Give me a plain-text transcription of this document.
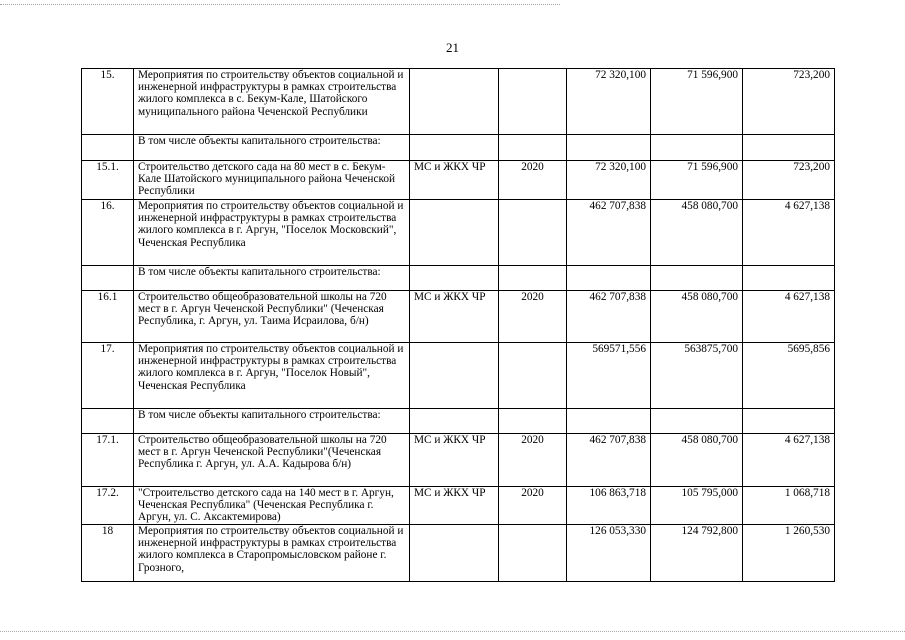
21
15.	Мероприятия по строительству объектов социальной и инженерной инфраструктуры в рамках строительства жилого комплекса в с. Бекум-Кале, Шатойского муниципального района Чеченской Республики			72 320,100	71 596,900	723,200
	В том числе объекты капитального строительства:					
15.1.	Строительство детского сада на 80 мест в с. Бекум-Кале Шатойского муниципального района Чеченской Республики	МС и ЖКХ ЧР	2020	72 320,100	71 596,900	723,200
16.	Мероприятия по строительству объектов социальной и инженерной инфраструктуры в рамках строительства жилого комплекса в г. Аргун, "Поселок Московский", Чеченская Республика			462 707,838	458 080,700	4 627,138
	В том числе объекты капитального строительства:					
16.1	Строительство общеобразовательной школы на 720 мест в г. Аргун Чеченской Республики" (Чеченская Республика, г. Аргун, ул. Таима Исраилова, б/н)	МС и ЖКХ ЧР	2020	462 707,838	458 080,700	4 627,138
17.	Мероприятия по строительству объектов социальной и инженерной инфраструктуры в рамках строительства жилого комплекса в г. Аргун, "Поселок Новый", Чеченская Республика			569571,556	563875,700	5695,856
	В том числе объекты капитального строительства:					
17.1.	Строительство общеобразовательной школы на 720 мест в г. Аргун Чеченской Республики"(Чеченская Республика г. Аргун, ул. А.А. Кадырова б/н)	МС и ЖКХ ЧР	2020	462 707,838	458 080,700	4 627,138
17.2.	"Строительство детского сада на 140 мест в г. Аргун, Чеченская Республика" (Чеченская Республика г. Аргун, ул. С. Аксактемирова)	МС и ЖКХ ЧР	2020	106 863,718	105 795,000	1 068,718
18	Мероприятия по строительству объектов социальной и инженерной инфраструктуры в рамках строительства жилого комплекса в Старопромысловском районе г. Грозного,			126 053,330	124 792,800	1 260,530
